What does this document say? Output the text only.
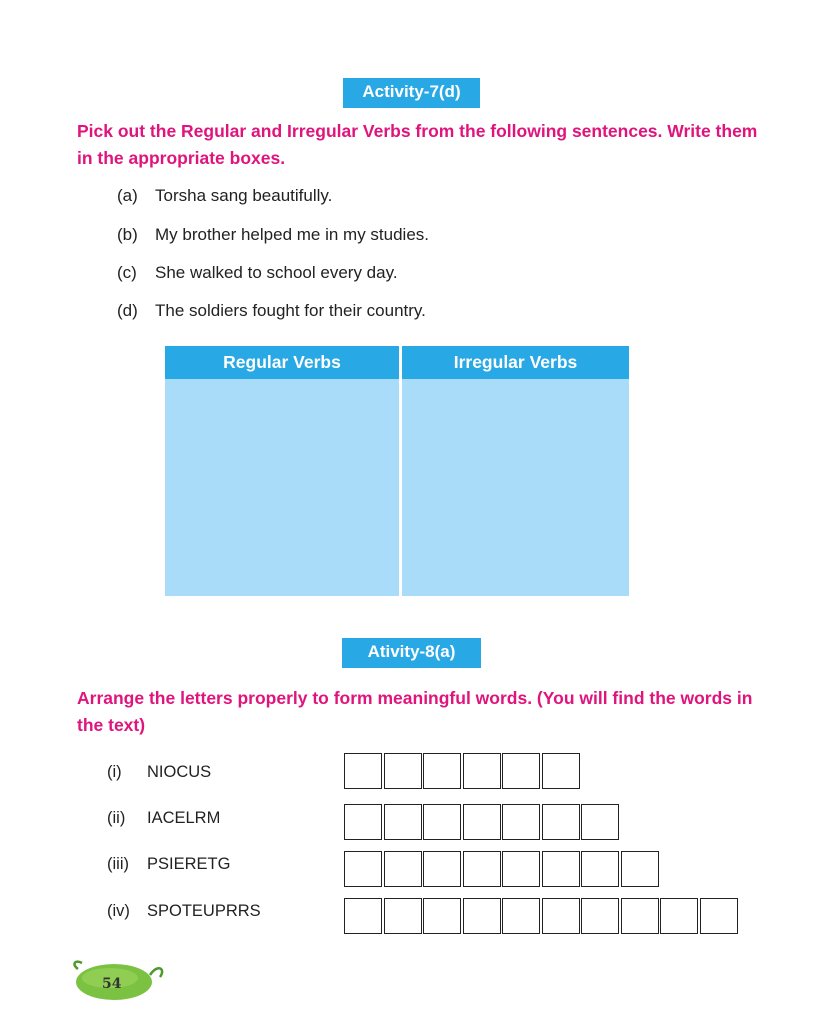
Activity-7(d)

Pick out the Regular and Irregular Verbs from the following sentences. Write them in the appropriate boxes.

(a) Torsha sang beautifully.
(b) My brother helped me in my studies.
(c) She walked to school every day.
(d) The soldiers fought for their country.
Regular Verbs	Irregular Verbs
Ativity-8(a)

Arrange the letters properly to form meaningful words. (You will find the words in the text)

(i) NIOCUS
(ii) IACELRM
(iii) PSIERETG
(iv) SPOTEUPRRS
54
